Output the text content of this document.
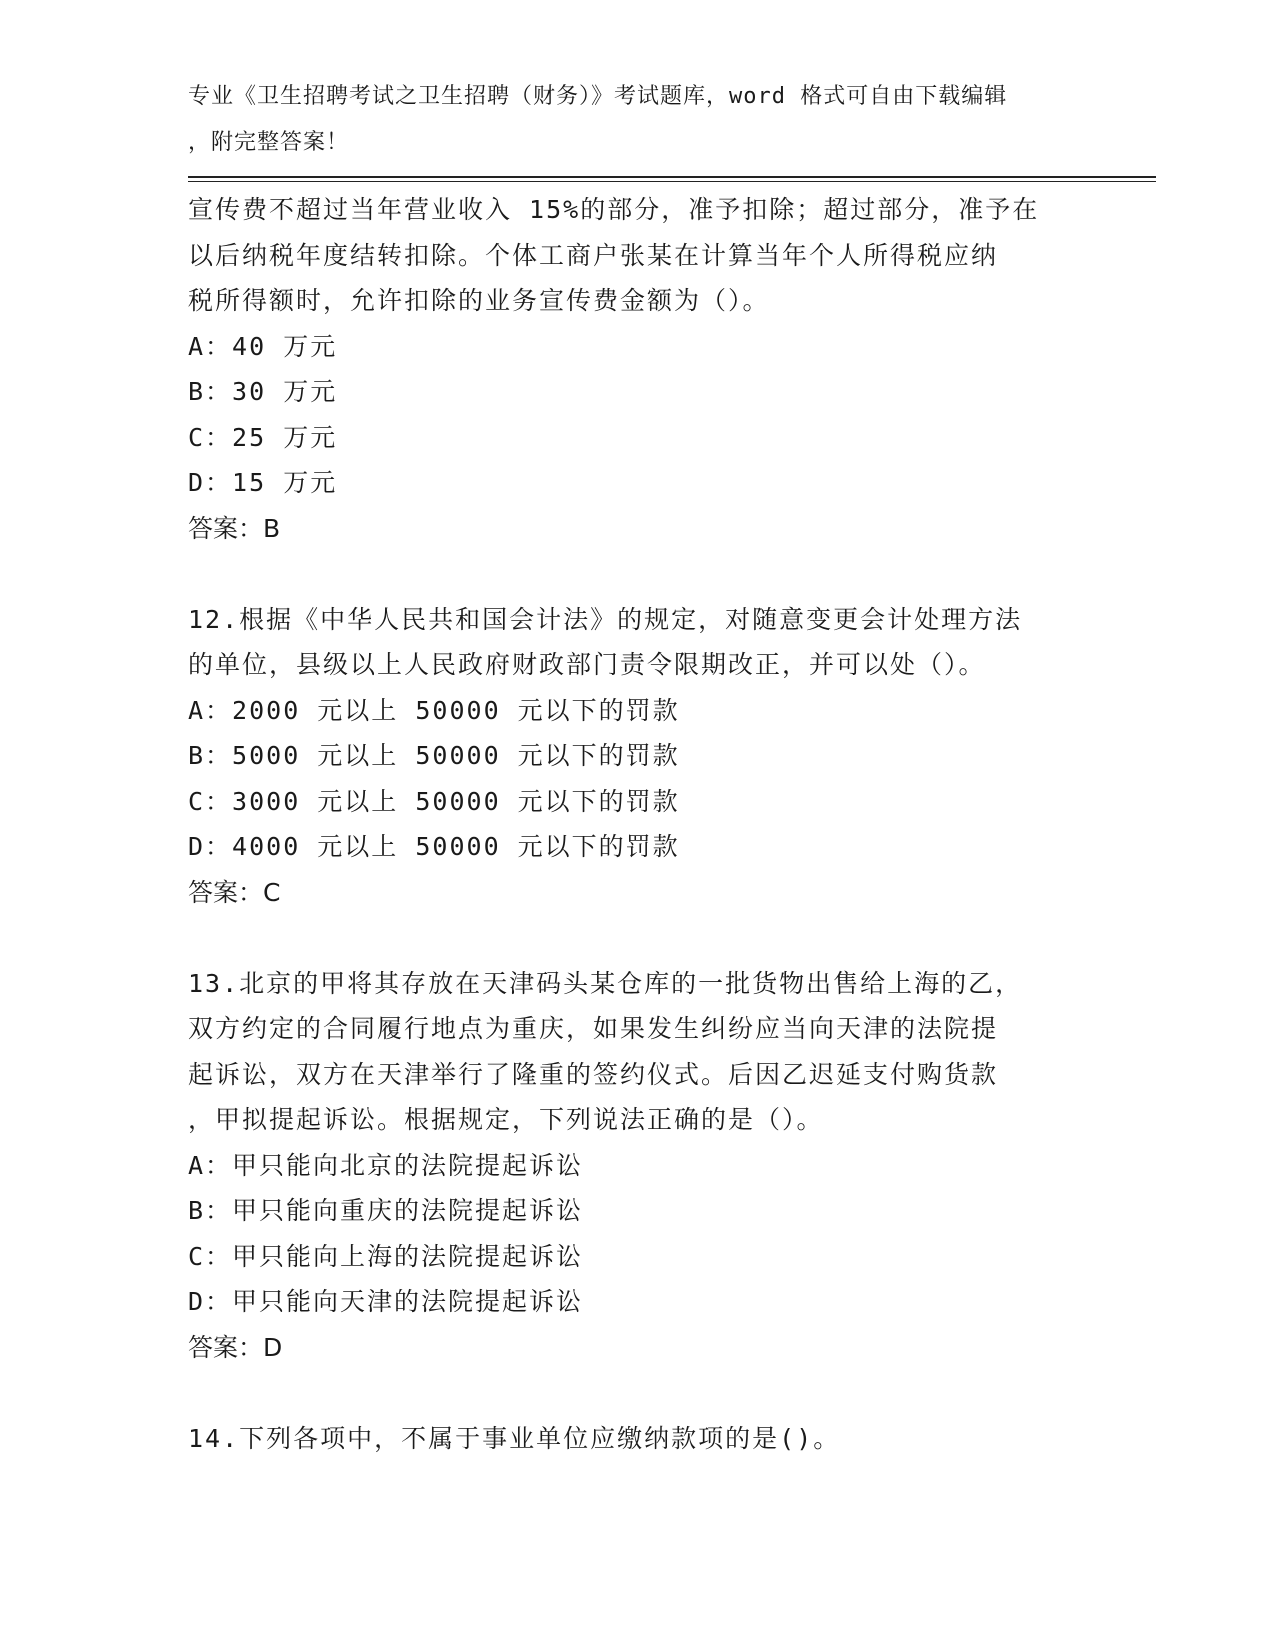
专业《卫生招聘考试之卫生招聘（财务）》考试题库，word 格式可自由下载编辑
，附完整答案！
宣传费不超过当年营业收入 15%的部分，准予扣除；超过部分，准予在
以后纳税年度结转扣除。个体工商户张某在计算当年个人所得税应纳
税所得额时，允许扣除的业务宣传费金额为（）。
A：40 万元
B：30 万元
C：25 万元
D：15 万元
答案：B
12.根据《中华人民共和国会计法》的规定，对随意变更会计处理方法
的单位，县级以上人民政府财政部门责令限期改正，并可以处（）。
A：2000 元以上 50000 元以下的罚款
B：5000 元以上 50000 元以下的罚款
C：3000 元以上 50000 元以下的罚款
D：4000 元以上 50000 元以下的罚款
答案：C
13.北京的甲将其存放在天津码头某仓库的一批货物出售给上海的乙，
双方约定的合同履行地点为重庆，如果发生纠纷应当向天津的法院提
起诉讼，双方在天津举行了隆重的签约仪式。后因乙迟延支付购货款
，甲拟提起诉讼。根据规定，下列说法正确的是（）。
A：甲只能向北京的法院提起诉讼
B：甲只能向重庆的法院提起诉讼
C：甲只能向上海的法院提起诉讼
D：甲只能向天津的法院提起诉讼
答案：D
14.下列各项中，不属于事业单位应缴纳款项的是()。
